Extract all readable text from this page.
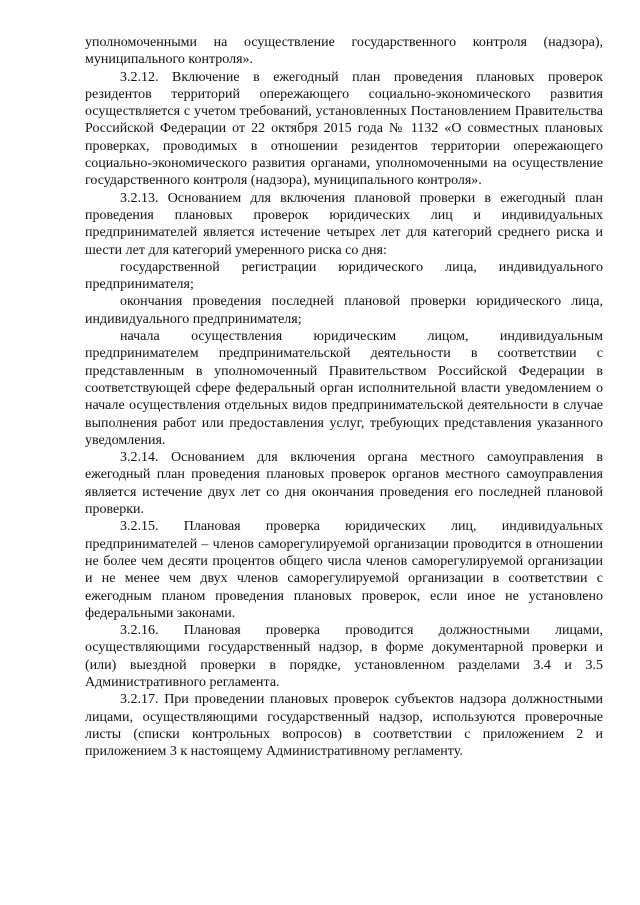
уполномоченными на осуществление государственного контроля (надзора), муниципального контроля».

3.2.12. Включение в ежегодный план проведения плановых проверок резидентов территорий опережающего социально-экономического развития осуществляется с учетом требований, установленных Постановлением Правительства Российской Федерации от 22 октября 2015 года № 1132 «О совместных плановых проверках, проводимых в отношении резидентов территории опережающего социально-экономического развития органами, уполномоченными на осуществление государственного контроля (надзора), муниципального контроля».

3.2.13. Основанием для включения плановой проверки в ежегодный план проведения плановых проверок юридических лиц и индивидуальных предпринимателей является истечение четырех лет для категорий среднего риска и шести лет для категорий умеренного риска со дня:

государственной регистрации юридического лица, индивидуального предпринимателя;

окончания проведения последней плановой проверки юридического лица, индивидуального предпринимателя;

начала осуществления юридическим лицом, индивидуальным предпринимателем предпринимательской деятельности в соответствии с представленным в уполномоченный Правительством Российской Федерации в соответствующей сфере федеральный орган исполнительной власти уведомлением о начале осуществления отдельных видов предпринимательской деятельности в случае выполнения работ или предоставления услуг, требующих представления указанного уведомления.

3.2.14. Основанием для включения органа местного самоуправления в ежегодный план проведения плановых проверок органов местного самоуправления является истечение двух лет со дня окончания проведения его последней плановой проверки.

3.2.15. Плановая проверка юридических лиц, индивидуальных предпринимателей – членов саморегулируемой организации проводится в отношении не более чем десяти процентов общего числа членов саморегулируемой организации и не менее чем двух членов саморегулируемой организации в соответствии с ежегодным планом проведения плановых проверок, если иное не установлено федеральными законами.

3.2.16. Плановая проверка проводится должностными лицами, осуществляющими государственный надзор, в форме документарной проверки и (или) выездной проверки в порядке, установленном разделами 3.4 и 3.5 Административного регламента.

3.2.17. При проведении плановых проверок субъектов надзора должностными лицами, осуществляющими государственный надзор, используются проверочные листы (списки контрольных вопросов) в соответствии с приложением 2 и приложением 3 к настоящему Административному регламенту.
